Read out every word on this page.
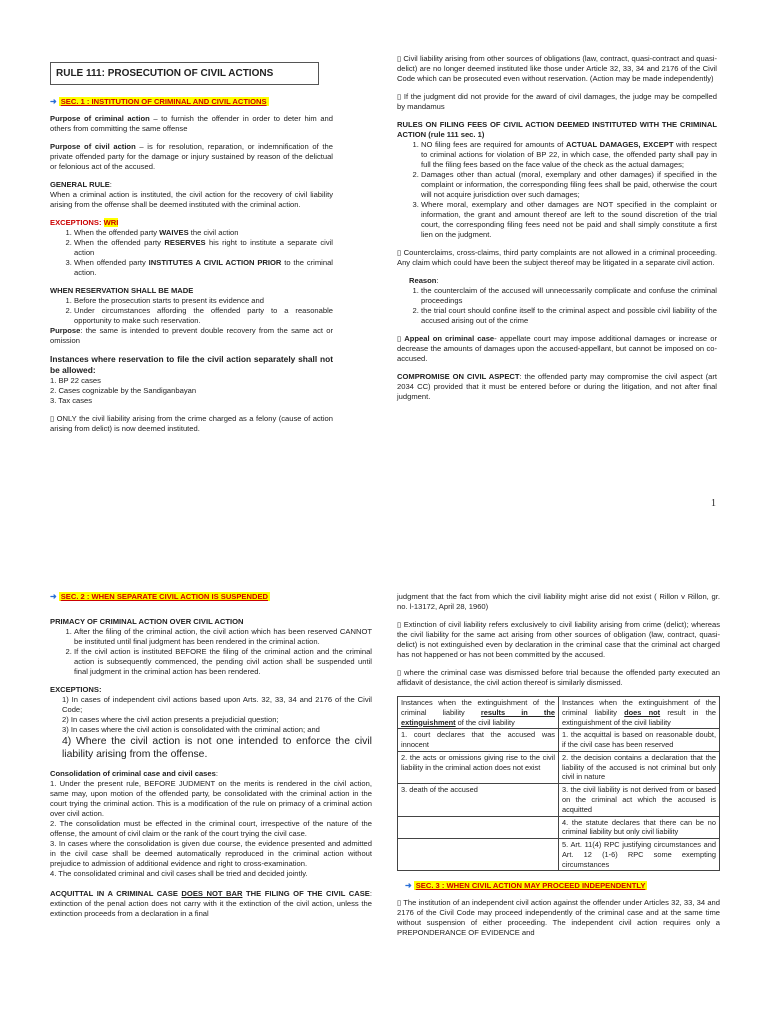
RULE 111: PROSECUTION OF CIVIL ACTIONS
➜ SEC. 1 : INSTITUTION OF CRIMINAL AND CIVIL ACTIONS

Purpose of criminal action – to furnish the offender in order to deter him and others from committing the same offense

Purpose of civil action – is for resolution, reparation, or indemnification of the private offended party for the damage or injury sustained by reason of the delictual or felonious act of the accused.

GENERAL RULE:

When a criminal action is instituted, the civil action for the recovery of civil liability arising from the offense shall be deemed instituted with the criminal action.

EXCEPTIONS: WRI
1. When the offended party WAIVES the civil action
2. When the offended party RESERVES his right to institute a separate civil action
3. When offended party INSTITUTES A CIVIL ACTION PRIOR to the criminal action.
WHEN RESERVATION SHALL BE MADE
1. Before the prosecution starts to present its evidence and
2. Under circumstances affording the offended party to a reasonable opportunity to make such reservation.

Purpose: the same is intended to prevent double recovery from the same act or omission

Instances where reservation to file the civil action separately shall not be allowed:
1. BP 22 cases
2. Cases cognizable by the Sandiganbayan
3. Tax cases

▯ ONLY the civil liability arising from the crime charged as a felony (cause of action arising from delict) is now deemed instituted.

▯ Civil liability arising from other sources of obligations (law, contract, quasi-contract and quasi-delict) are no longer deemed instituted like those under Article 32, 33, 34 and 2176 of the Civil Code which can be prosecuted even without reservation. (Action may be made independently)

▯ If the judgment did not provide for the award of civil damages, the judge may be compelled by mandamus

RULES ON FILING FEES OF CIVIL ACTION DEEMED INSTITUTED WITH THE CRIMINAL ACTION (rule 111 sec. 1)
1. NO filing fees are required for amounts of ACTUAL DAMAGES, EXCEPT with respect to criminal actions for violation of BP 22, in which case, the offended party shall pay in full the filing fees based on the face value of the check as the actual damages;
2. Damages other than actual (moral, exemplary and other damages) if specified in the complaint or information, the corresponding filing fees shall be paid, otherwise the court will not acquire jurisdiction over such damages;
3. Where moral, exemplary and other damages are NOT specified in the complaint or information, the grant and amount thereof are left to the sound discretion of the trial court, the corresponding filing fees need not be paid and shall simply constitute a first lien on the judgment.

▯ Counterclaims, cross-claims, third party complaints are not allowed in a criminal proceeding. Any claim which could have been the subject thereof may be litigated in a separate civil action.

Reason:
1. the counterclaim of the accused will unnecessarily complicate and confuse the criminal proceedings
2. the trial court should confine itself to the criminal aspect and possible civil liability of the accused arising out of the crime

▯ Appeal on criminal case- appellate court may impose additional damages or increase or decrease the amounts of damages upon the accused-appellant, but cannot be imposed on co-accused.

COMPROMISE ON CIVIL ASPECT: the offended party may compromise the civil aspect (art 2034 CC) provided that it must be entered before or during the litigation, and not after final judgment.

1
➜ SEC. 2 : WHEN SEPARATE CIVIL ACTION IS SUSPENDED
PRIMACY OF CRIMINAL ACTION OVER CIVIL ACTION
1. After the filing of the criminal action, the civil action which has been reserved CANNOT be instituted until final judgment has been rendered in the criminal action.
2. If the civil action is instituted BEFORE the filing of the criminal action and the criminal action is subsequently commenced, the pending civil action shall be suspended until final judgment in the criminal action has been rendered.
EXCEPTIONS:
1) In cases of independent civil actions based upon Arts. 32, 33, 34 and 2176 of the Civil Code;
2) In cases where the civil action presents a prejudicial question;
3) In cases where the civil action is consolidated with the criminal action; and
4) Where the civil action is not one intended to enforce the civil liability arising from the offense.
Consolidation of criminal case and civil cases:
1. Under the present rule, BEFORE JUDMENT on the merits is rendered in the civil action, same may, upon motion of the offended party, be consolidated with the criminal action in the court trying the criminal action. This is a modification of the rule on primacy of a criminal action over civil action.
2. The consolidation must be effected in the criminal court, irrespective of the nature of the offense, the amount of civil claim or the rank of the court trying the civil case.
3. In cases where the consolidation is given due course, the evidence presented and admitted in the civil case shall be deemed automatically reproduced in the criminal action without prejudice to admission of additional evidence and right to cross-examination.
4. The consolidated criminal and civil cases shall be tried and decided jointly.

ACQUITTAL IN A CRIMINAL CASE DOES NOT BAR THE FILING OF THE CIVIL CASE: extinction of the penal action does not carry with it the extinction of the civil action, unless the extinction proceeds from a declaration in a final

judgment that the fact from which the civil liability might arise did not exist ( Rillon v Rillon, gr. no. l-13172, April 28, 1960)

▯ Extinction of civil liability refers exclusively to civil liability arising from crime (delict); whereas the civil liability for the same act arising from other sources of obligation (law, contract, quasi-delict) is not extinguished even by declaration in the criminal case that the criminal act charged has not happened or has not been committed by the accused.

▯ where the criminal case was dismissed before trial because the offended party executed an affidavit of desistance, the civil action thereof is similarly dismissed.

Instances when the extinguishment of the criminal liability results in the extinguishment of the civil liability	Instances when the extinguishment of the criminal liability does not result in the extinguishment of the civil liability
1. court declares that the accused was innocent	1. the acquittal is based on reasonable doubt, if the civil case has been reserved
2. the acts or omissions giving rise to the civil liability in the criminal action does not exist	2. the decision contains a declaration that the liability of the accused is not criminal but only civil in nature
3. death of the accused	3. the civil liability is not derived from or based on the criminal act which the accused is acquitted
	4. the statute declares that there can be no criminal liability but only civil liability
	5. Art. 11(4) RPC justifying circumstances and Art. 12 (1-6) RPC some exempting circumstances
➜ SEC. 3 : WHEN CIVIL ACTION MAY PROCEED INDEPENDENTLY

▯ The institution of an independent civil action against the offender under Articles 32, 33, 34 and 2176 of the Civil Code may proceed independently of the criminal case and at the same time without suspension of either proceeding. The independent civil action requires only a PREPONDERANCE OF EVIDENCE and
